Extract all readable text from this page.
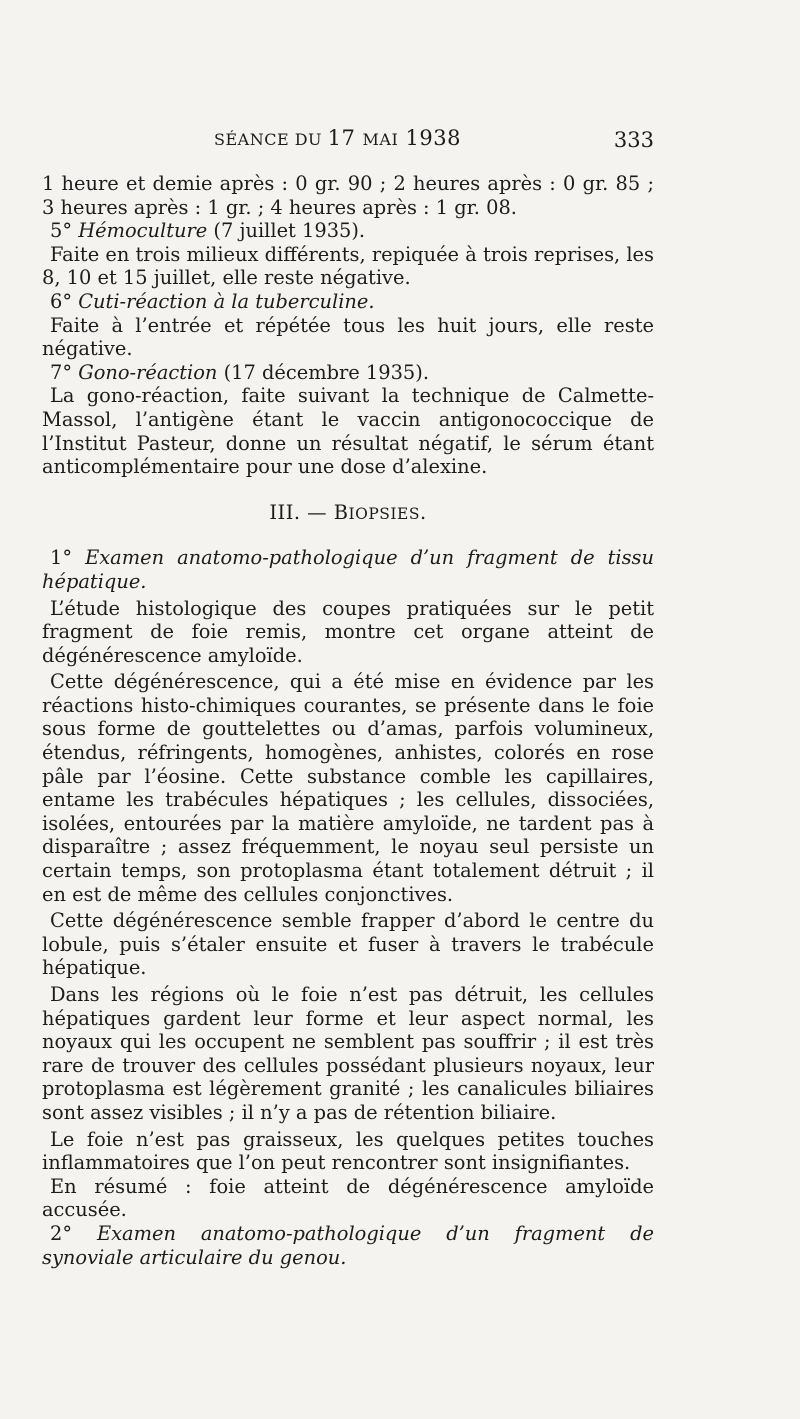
SÉANCE DU 17 MAI 1938	333

1 heure et demie après : 0 gr. 90 ; 2 heures après : 0 gr. 85 ; 3 heures après : 1 gr. ; 4 heures après : 1 gr. 08.

5° Hémoculture (7 juillet 1935).

Faite en trois milieux différents, repiquée à trois reprises, les 8, 10 et 15 juillet, elle reste négative.

6° Cuti-réaction à la tuberculine.

Faite à l’entrée et répétée tous les huit jours, elle reste négative.

7° Gono-réaction (17 décembre 1935).

La gono-réaction, faite suivant la technique de Calmette-Massol, l’antigène étant le vaccin antigonococcique de l’Institut Pasteur, donne un résultat négatif, le sérum étant anticomplémentaire pour une dose d’alexine.

III. — BIOPSIES.

1° Examen anatomo-pathologique d’un fragment de tissu hépatique.

L’étude histologique des coupes pratiquées sur le petit fragment de foie remis, montre cet organe atteint de dégénérescence amyloïde.

Cette dégénérescence, qui a été mise en évidence par les réactions histo-chimiques courantes, se présente dans le foie sous forme de gouttelettes ou d’amas, parfois volumineux, étendus, réfringents, homogènes, anhistes, colorés en rose pâle par l’éosine. Cette substance comble les capillaires, entame les trabécules hépatiques ; les cellules, dissociées, isolées, entourées par la matière amyloïde, ne tardent pas à disparaître ; assez fréquemment, le noyau seul persiste un certain temps, son protoplasma étant totalement détruit ; il en est de même des cellules conjonctives.

Cette dégénérescence semble frapper d’abord le centre du lobule, puis s’étaler ensuite et fuser à travers le trabécule hépatique.

Dans les régions où le foie n’est pas détruit, les cellules hépatiques gardent leur forme et leur aspect normal, les noyaux qui les occupent ne semblent pas souffrir ; il est très rare de trouver des cellules possédant plusieurs noyaux, leur protoplasma est légèrement granité ; les canalicules biliaires sont assez visibles ; il n’y a pas de rétention biliaire.

Le foie n’est pas graisseux, les quelques petites touches inflammatoires que l’on peut rencontrer sont insignifiantes.

En résumé : foie atteint de dégénérescence amyloïde accusée.

2° Examen anatomo-pathologique d’un fragment de synoviale articulaire du genou.
